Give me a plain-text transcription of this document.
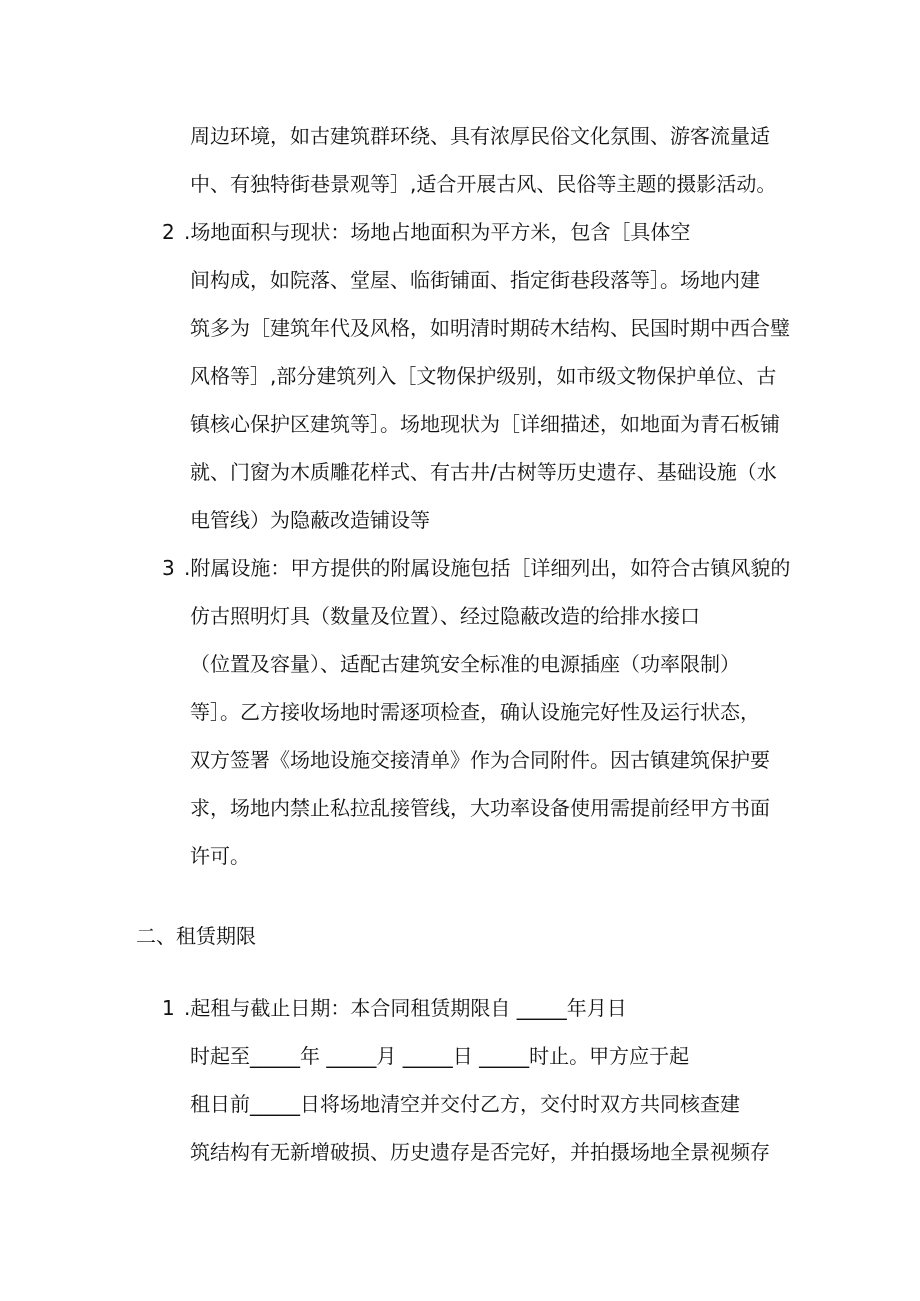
周边环境，如古建筑群环绕、具有浓厚民俗文化氛围、游客流量适
中、有独特街巷景观等］,适合开展古风、民俗等主题的摄影活动。
2 .场地面积与现状：场地占地面积为平方米，包含［具体空
间构成，如院落、堂屋、临街铺面、指定街巷段落等］。场地内建
筑多为［建筑年代及风格，如明清时期砖木结构、民国时期中西合璧
风格等］,部分建筑列入［文物保护级别，如市级文物保护单位、古
镇核心保护区建筑等］。场地现状为［详细描述，如地面为青石板铺
就、门窗为木质雕花样式、有古井/古树等历史遗存、基础设施（水
电管线）为隐蔽改造铺设等
3 .附属设施：甲方提供的附属设施包括［详细列出，如符合古镇风貌的
仿古照明灯具（数量及位置）、经过隐蔽改造的给排水接口
（位置及容量）、适配古建筑安全标准的电源插座（功率限制）
等］。乙方接收场地时需逐项检查，确认设施完好性及运行状态，
双方签署《场地设施交接清单》作为合同附件。因古镇建筑保护要
求，场地内禁止私拉乱接管线，大功率设备使用需提前经甲方书面
许可。
二、租赁期限
1 .起租与截止日期：本合同租赁期限自 _____年月日
时起至_____年 _____月 _____日 _____时止。甲方应于起
租日前_____日将场地清空并交付乙方，交付时双方共同核查建
筑结构有无新增破损、历史遗存是否完好，并拍摄场地全景视频存
